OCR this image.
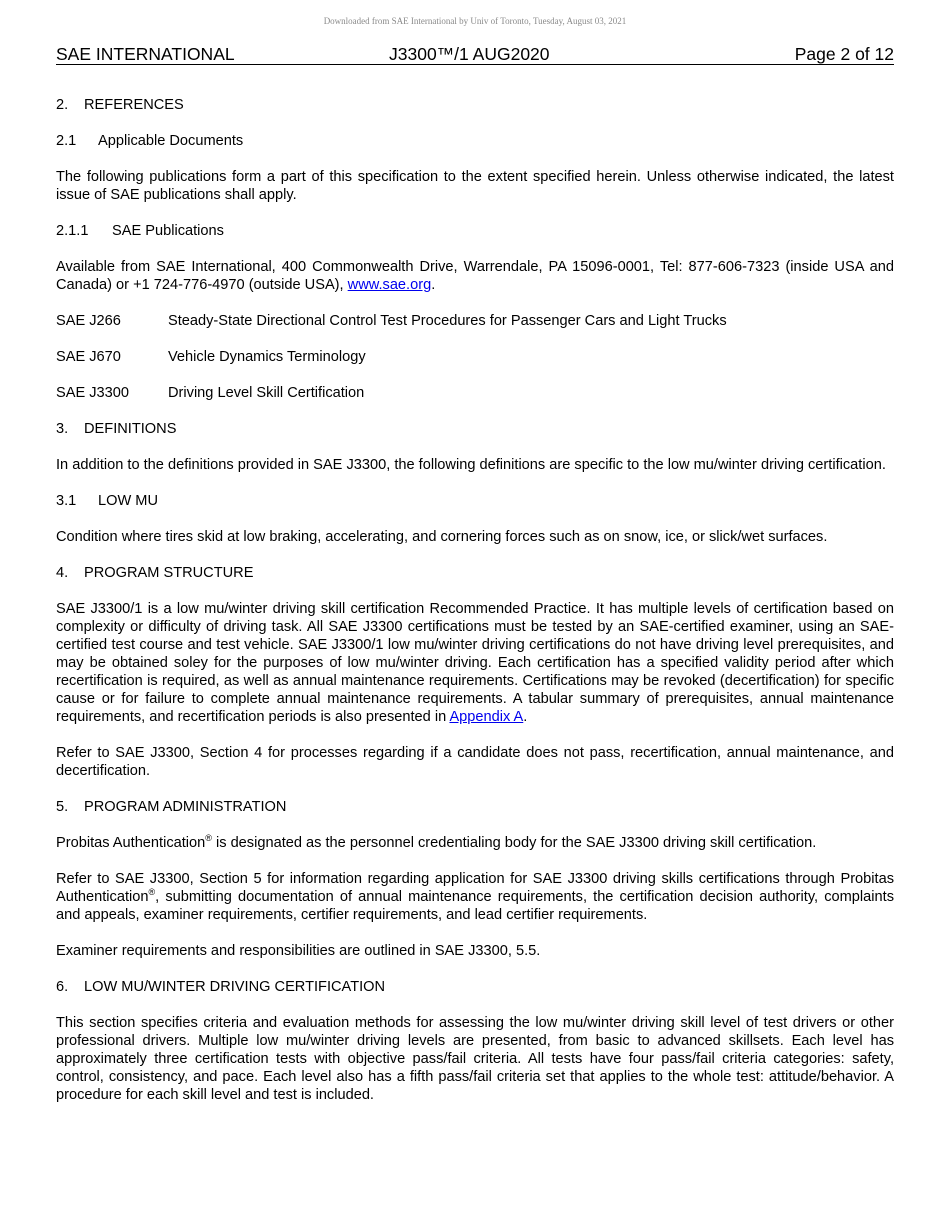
Downloaded from SAE International by Univ of Toronto, Tuesday, August 03, 2021
SAE INTERNATIONAL	J3300™/1 AUG2020	Page 2 of 12
2. REFERENCES
2.1 Applicable Documents

The following publications form a part of this specification to the extent specified herein. Unless otherwise indicated, the latest issue of SAE publications shall apply.

2.1.1 SAE Publications

Available from SAE International, 400 Commonwealth Drive, Warrendale, PA 15096-0001, Tel: 877-606-7323 (inside USA and Canada) or +1 724-776-4970 (outside USA), www.sae.org.

SAE J266	Steady-State Directional Control Test Procedures for Passenger Cars and Light Trucks
SAE J670	Vehicle Dynamics Terminology
SAE J3300	Driving Level Skill Certification
3. DEFINITIONS

In addition to the definitions provided in SAE J3300, the following definitions are specific to the low mu/winter driving certification.

3.1 LOW MU

Condition where tires skid at low braking, accelerating, and cornering forces such as on snow, ice, or slick/wet surfaces.

4. PROGRAM STRUCTURE

SAE J3300/1 is a low mu/winter driving skill certification Recommended Practice. It has multiple levels of certification based on complexity or difficulty of driving task. All SAE J3300 certifications must be tested by an SAE-certified examiner, using an SAE-certified test course and test vehicle. SAE J3300/1 low mu/winter driving certifications do not have driving level prerequisites, and may be obtained soley for the purposes of low mu/winter driving. Each certification has a specified validity period after which recertification is required, as well as annual maintenance requirements. Certifications may be revoked (decertification) for specific cause or for failure to complete annual maintenance requirements. A tabular summary of prerequisites, annual maintenance requirements, and recertification periods is also presented in Appendix A.

Refer to SAE J3300, Section 4 for processes regarding if a candidate does not pass, recertification, annual maintenance, and decertification.

5. PROGRAM ADMINISTRATION

Probitas Authentication® is designated as the personnel credentialing body for the SAE J3300 driving skill certification.

Refer to SAE J3300, Section 5 for information regarding application for SAE J3300 driving skills certifications through Probitas Authentication®, submitting documentation of annual maintenance requirements, the certification decision authority, complaints and appeals, examiner requirements, certifier requirements, and lead certifier requirements.

Examiner requirements and responsibilities are outlined in SAE J3300, 5.5.

6. LOW MU/WINTER DRIVING CERTIFICATION

This section specifies criteria and evaluation methods for assessing the low mu/winter driving skill level of test drivers or other professional drivers. Multiple low mu/winter driving levels are presented, from basic to advanced skillsets. Each level has approximately three certification tests with objective pass/fail criteria. All tests have four pass/fail criteria categories: safety, control, consistency, and pace. Each level also has a fifth pass/fail criteria set that applies to the whole test: attitude/behavior. A procedure for each skill level and test is included.
